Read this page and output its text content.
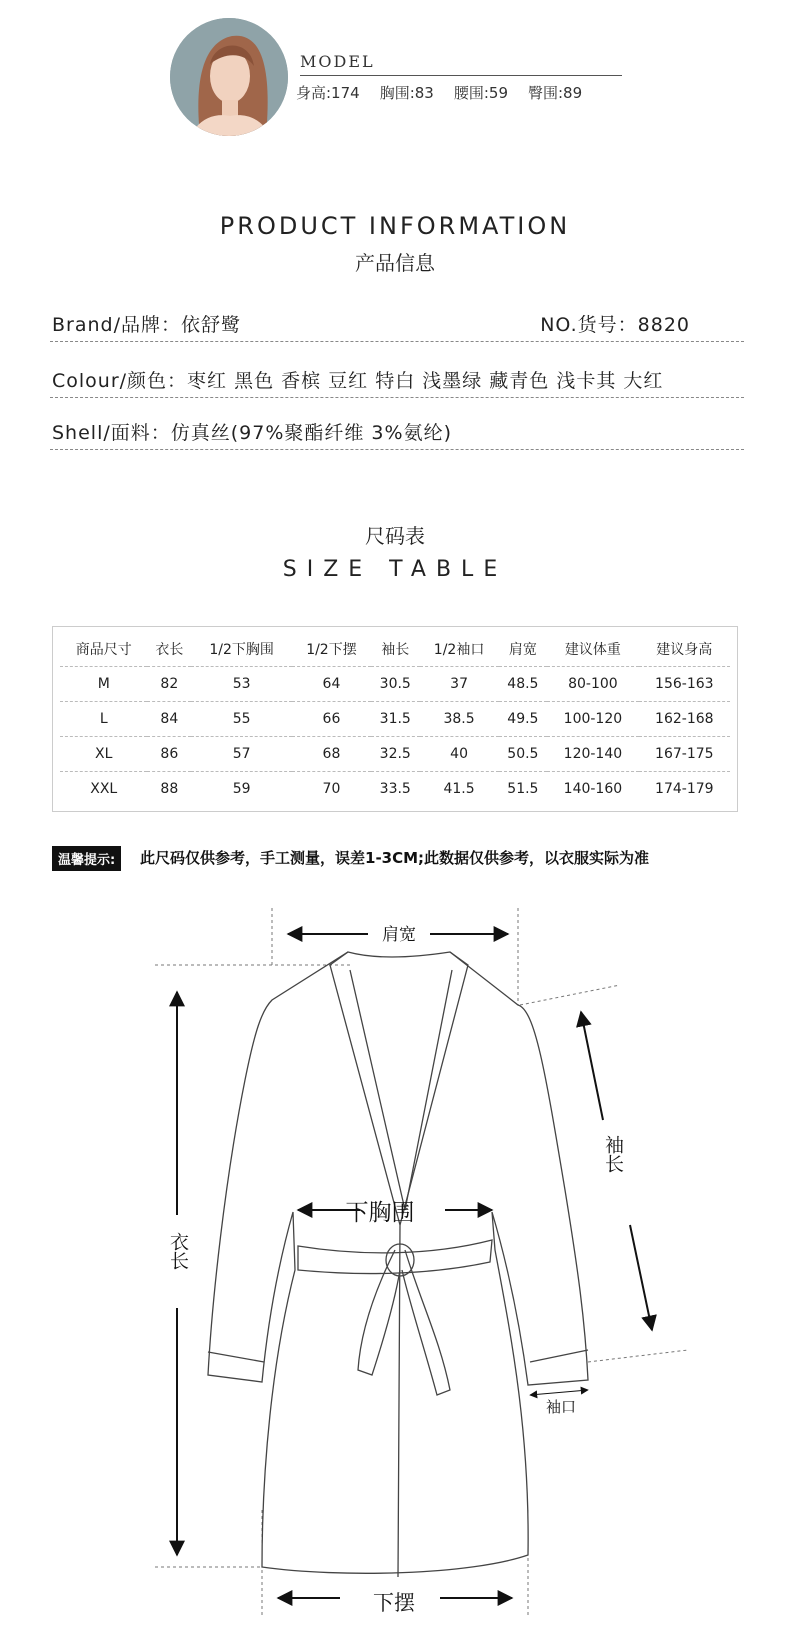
MODEL
身高:174 胸围:83 腰围:59 臀围:89
PRODUCT INFORMATION
产品信息
Brand/品牌：依舒鹭	NO.货号：8820
Colour/颜色：枣红 黑色 香槟 豆红 特白 浅墨绿 藏青色 浅卡其 大红
Shell/面料：仿真丝(97%聚酯纤维 3%氨纶)
尺码表
SIZE TABLE
商品尺寸	衣长	1/2下胸围	1/2下摆	袖长	1/2袖口	肩宽	建议体重	建议身高
M	82	53	64	30.5	37	48.5	80-100	156-163
L	84	55	66	31.5	38.5	49.5	100-120	162-168
XL	86	57	68	32.5	40	50.5	120-140	167-175
XXL	88	59	70	33.5	41.5	51.5	140-160	174-179
温馨提示:	此尺码仅供参考，手工测量，误差1-3CM;此数据仅供参考，以衣服实际为准
肩宽
下胸围
下摆
袖口
衣长
袖长
